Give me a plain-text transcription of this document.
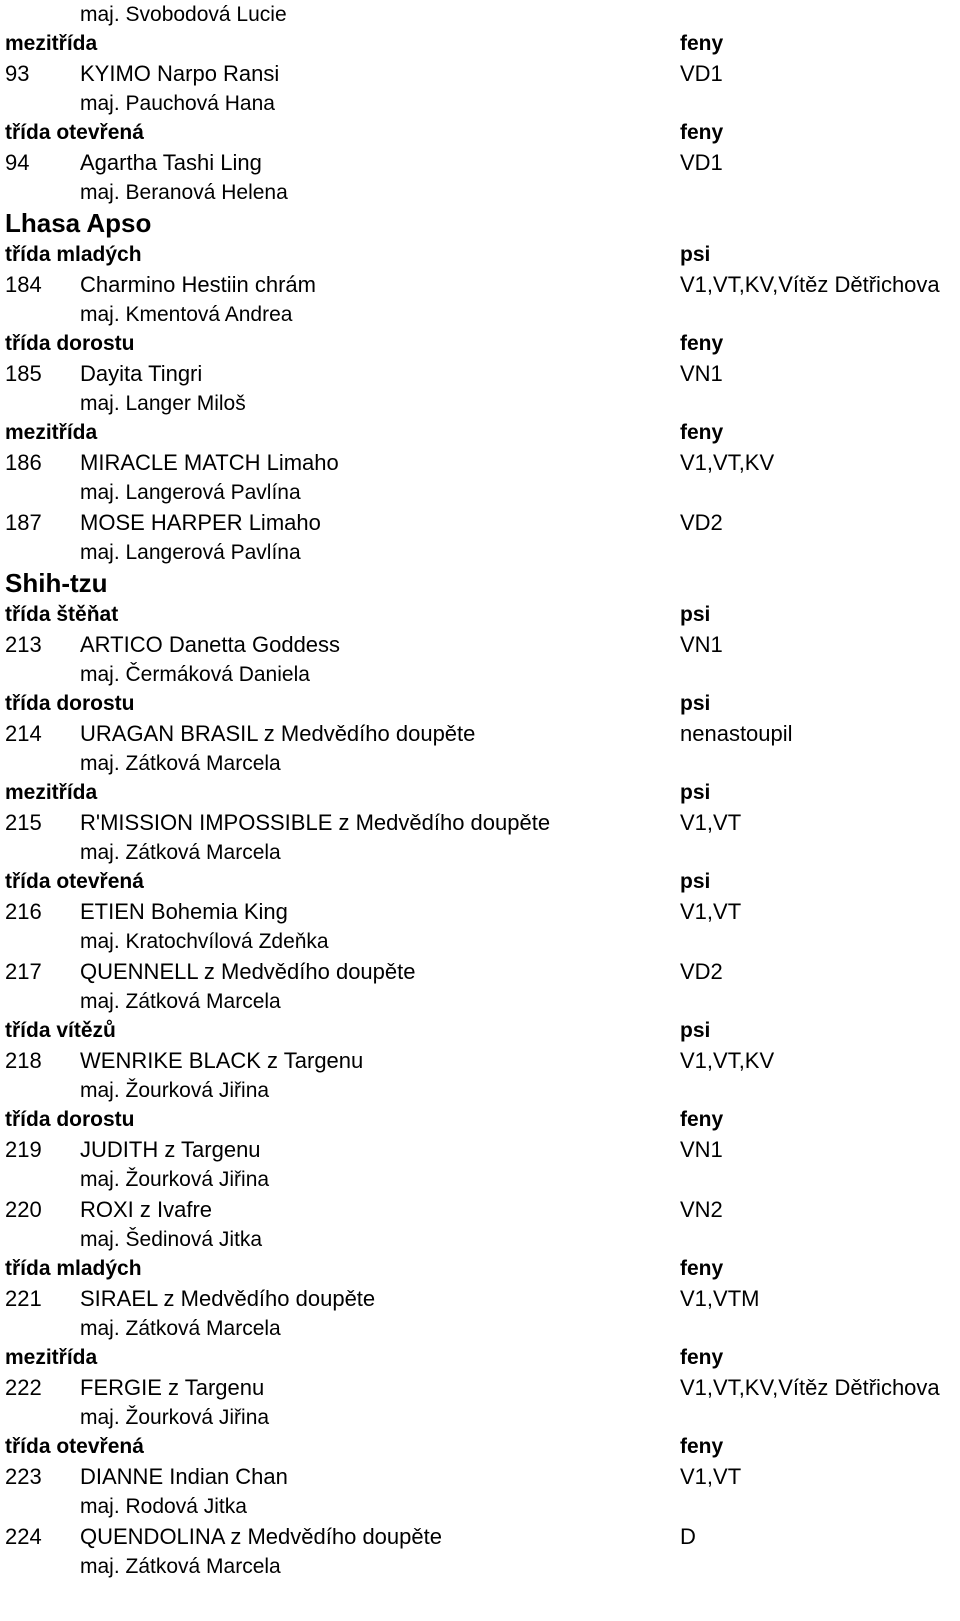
maj. Svobodová Lucie
mezitřída	feny
93 KYIMO Narpo Ransi	VD1
maj. Pauchová Hana
třída otevřená	feny
94 Agartha Tashi Ling	VD1
maj. Beranová Helena
Lhasa Apso
třída mladých	psi
184 Charmino Hestiin chrám	V1,VT,KV,Vítěz Dětřichova
maj. Kmentová Andrea
třída dorostu	feny
185 Dayita Tingri	VN1
maj. Langer Miloš
mezitřída	feny
186 MIRACLE MATCH Limaho	V1,VT,KV
maj. Langerová Pavlína
187 MOSE HARPER Limaho	VD2
maj. Langerová Pavlína
Shih-tzu
třída štěňat	psi
213 ARTICO Danetta Goddess	VN1
maj. Čermáková Daniela
třída dorostu	psi
214 URAGAN BRASIL z Medvědího doupěte	nenastoupil
maj. Zátková Marcela
mezitřída	psi
215 R'MISSION IMPOSSIBLE z Medvědího doupěte	V1,VT
maj. Zátková Marcela
třída otevřená	psi
216 ETIEN Bohemia King	V1,VT
maj. Kratochvílová Zdeňka
217 QUENNELL z Medvědího doupěte	VD2
maj. Zátková Marcela
třída vítězů	psi
218 WENRIKE BLACK z Targenu	V1,VT,KV
maj. Žourková Jiřina
třída dorostu	feny
219 JUDITH z Targenu	VN1
maj. Žourková Jiřina
220 ROXI z Ivafre	VN2
maj. Šedinová Jitka
třída mladých	feny
221 SIRAEL z Medvědího doupěte	V1,VTM
maj. Zátková Marcela
mezitřída	feny
222 FERGIE z Targenu	V1,VT,KV,Vítěz Dětřichova
maj. Žourková Jiřina
třída otevřená	feny
223 DIANNE Indian Chan	V1,VT
maj. Rodová Jitka
224 QUENDOLINA z Medvědího doupěte	D
maj. Zátková Marcela
